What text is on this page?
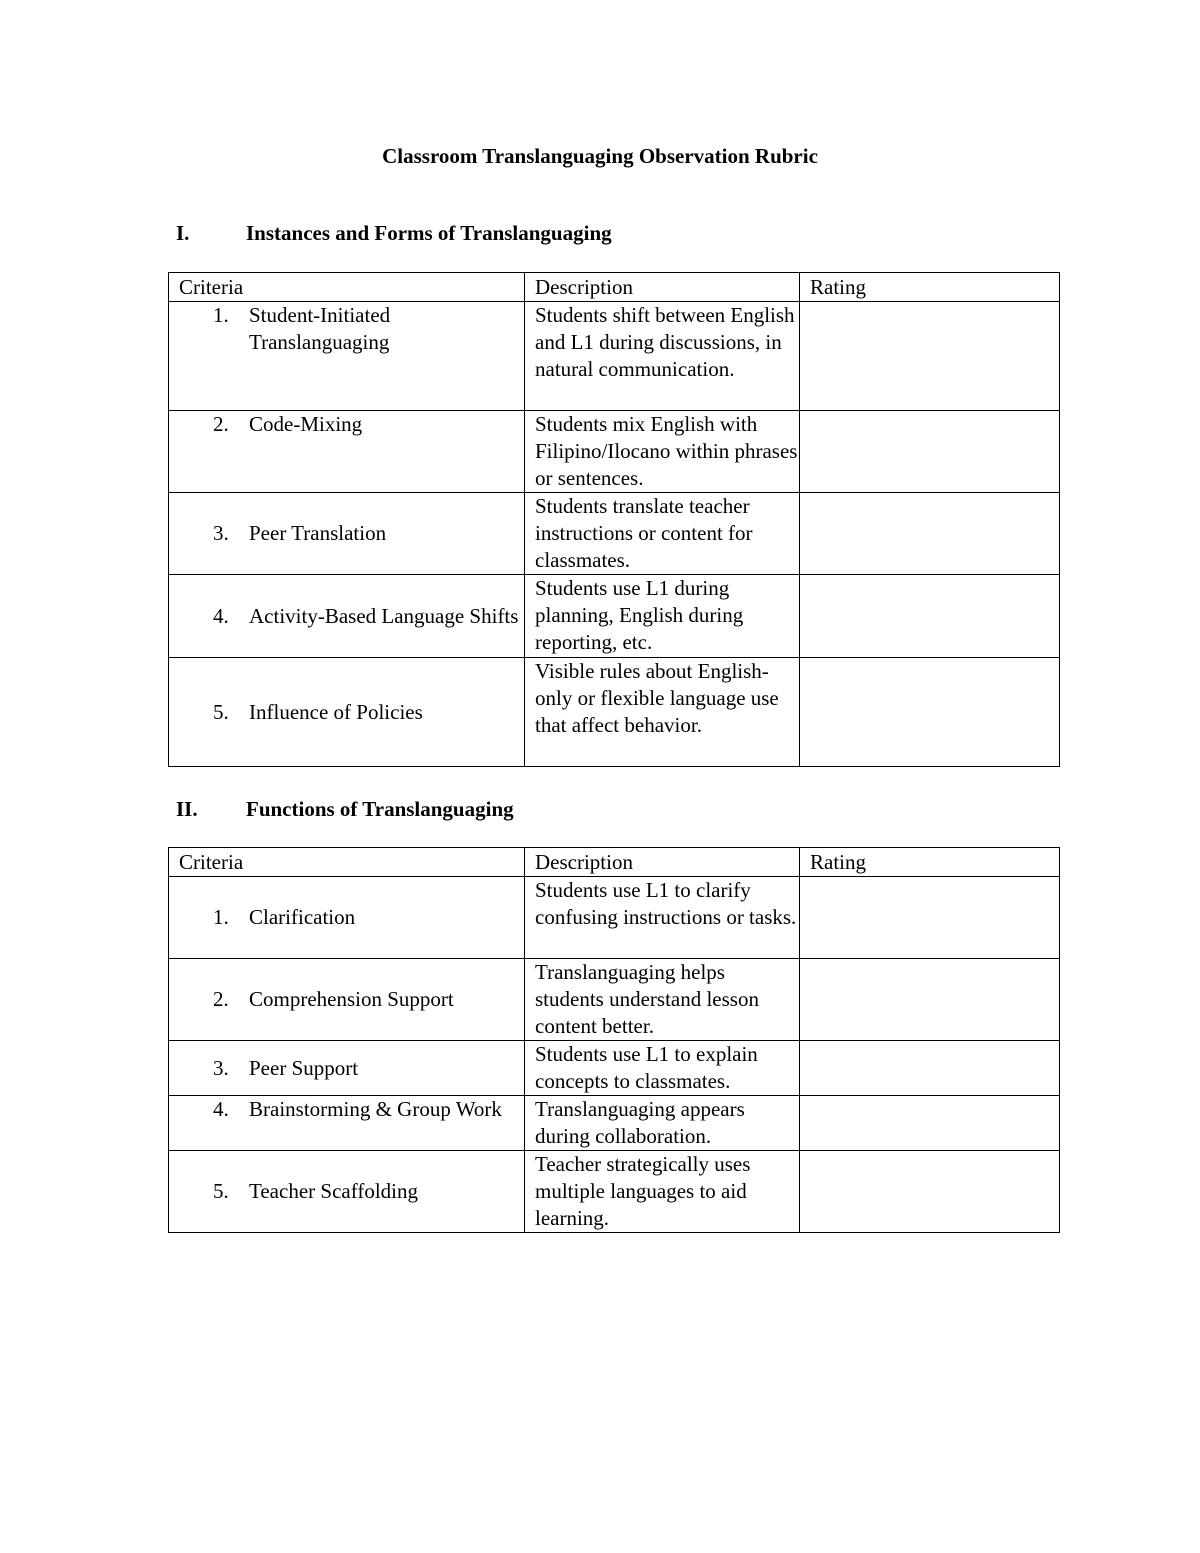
Classroom Translanguaging Observation Rubric
I.	Instances and Forms of Translanguaging
Criteria	Description	Rating

1. Student-Initiated Translanguaging	Students shift between English and L1 during discussions, in natural communication.	

2. Code-Mixing	Students mix English with Filipino/Ilocano within phrases or sentences.	

3. Peer Translation	Students translate teacher instructions or content for classmates.	

4. Activity-Based Language Shifts	Students use L1 during planning, English during reporting, etc.	

5. Influence of Policies	Visible rules about English-only or flexible language use that affect behavior.	
II. Functions of Translanguaging
Criteria	Description	Rating

1. Clarification	Students use L1 to clarify confusing instructions or tasks.	

2. Comprehension Support	Translanguaging helps students understand lesson content better.	

3. Peer Support	Students use L1 to explain concepts to classmates.	

4. Brainstorming & Group Work	Translanguaging appears during collaboration.	

5. Teacher Scaffolding	Teacher strategically uses multiple languages to aid learning.	
